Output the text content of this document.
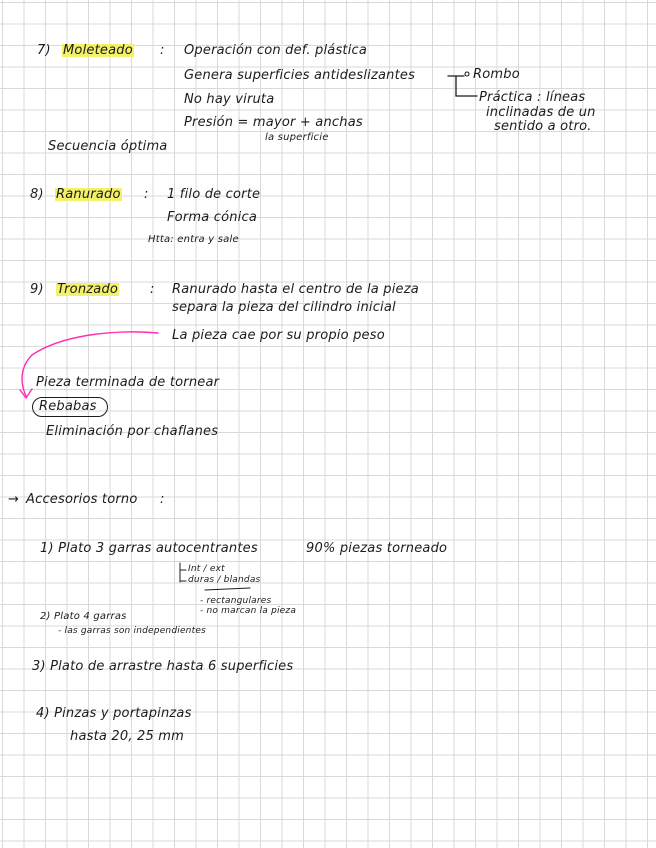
7) Moleteado : Operación con def. plástica
Genera superficies antideslizantes
No hay viruta
Presión = mayor + anchas
la superficie
Secuencia óptima
Rombo
Práctica : líneas
inclinadas de un
sentido a otro.
8) Ranurado : 1 filo de corte
Forma cónica
Htta: entra y sale
9) Tronzado : Ranurado hasta el centro de la pieza
separa la pieza del cilindro inicial
La pieza cae por su propio peso
Pieza terminada de tornear
Rebabas
Eliminación por chaflanes
→ Accesorios torno :
1) Plato 3 garras autocentrantes	90% piezas torneado
Int / ext
duras / blandas
2) Plato 4 garras
- las garras son independientes
- rectangulares
- no marcan la pieza
3) Plato de arrastre hasta 6 superficies
4) Pinzas y portapinzas
hasta 20, 25 mm
